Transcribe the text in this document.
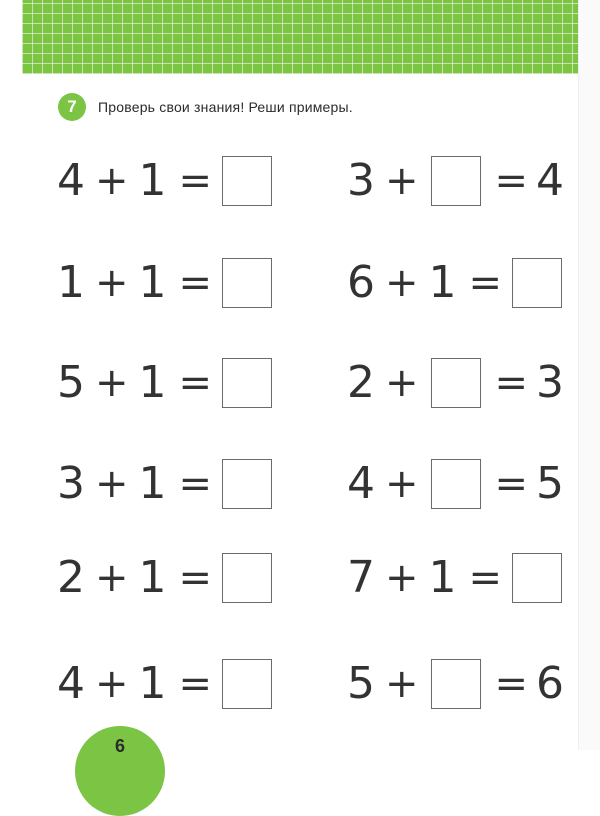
7	Проверь свои знания! Реши примеры.
4 + 1 =
1 + 1 =
5 + 1 =
3 + 1 =
2 + 1 =
4 + 1 =
3 + = 4
6 + 1 =
2 + = 3
4 + = 5
7 + 1 =
5 + = 6
6
